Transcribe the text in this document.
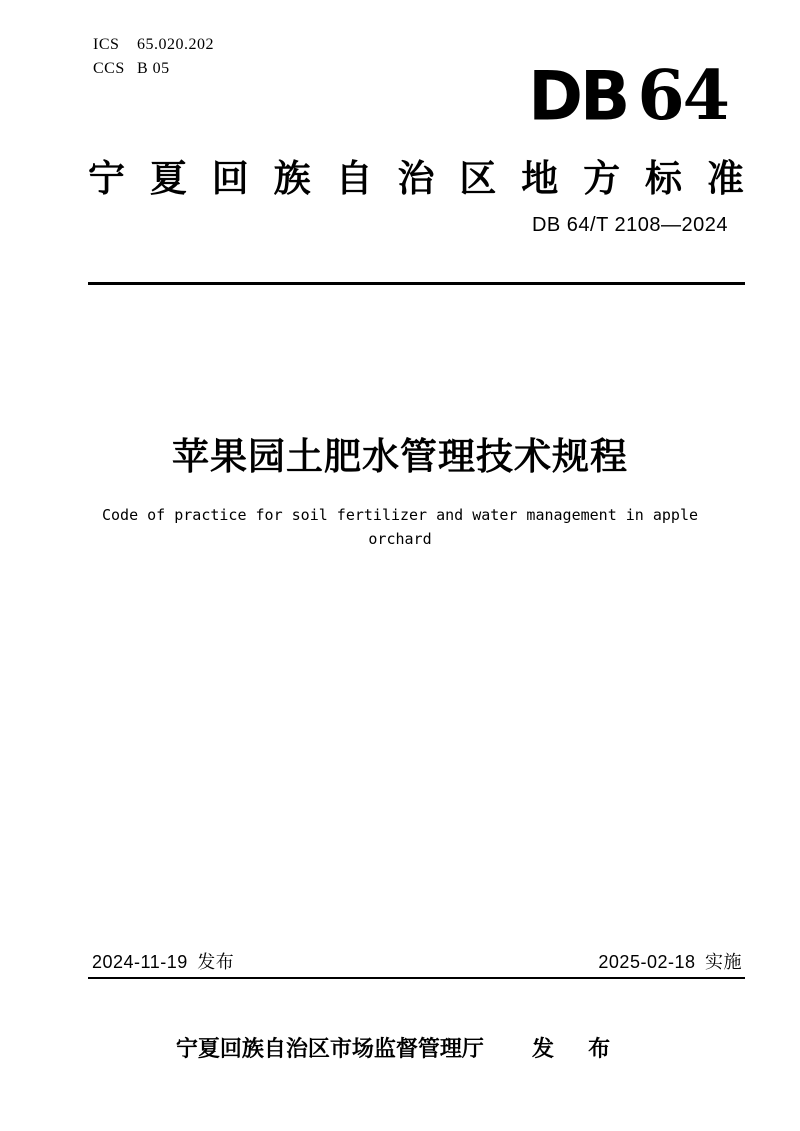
ICS	65.020.202
CCS B 05	DB 64
宁 夏 回 族 自 治 区 地 方 标 准
DB 64/T 2108—2024
苹果园土肥水管理技术规程
Code of practice for soil fertilizer and water management in apple orchard
2024-11-19 发布	2025-02-18 实施
宁夏回族自治区市场监督管理厅 发 布
